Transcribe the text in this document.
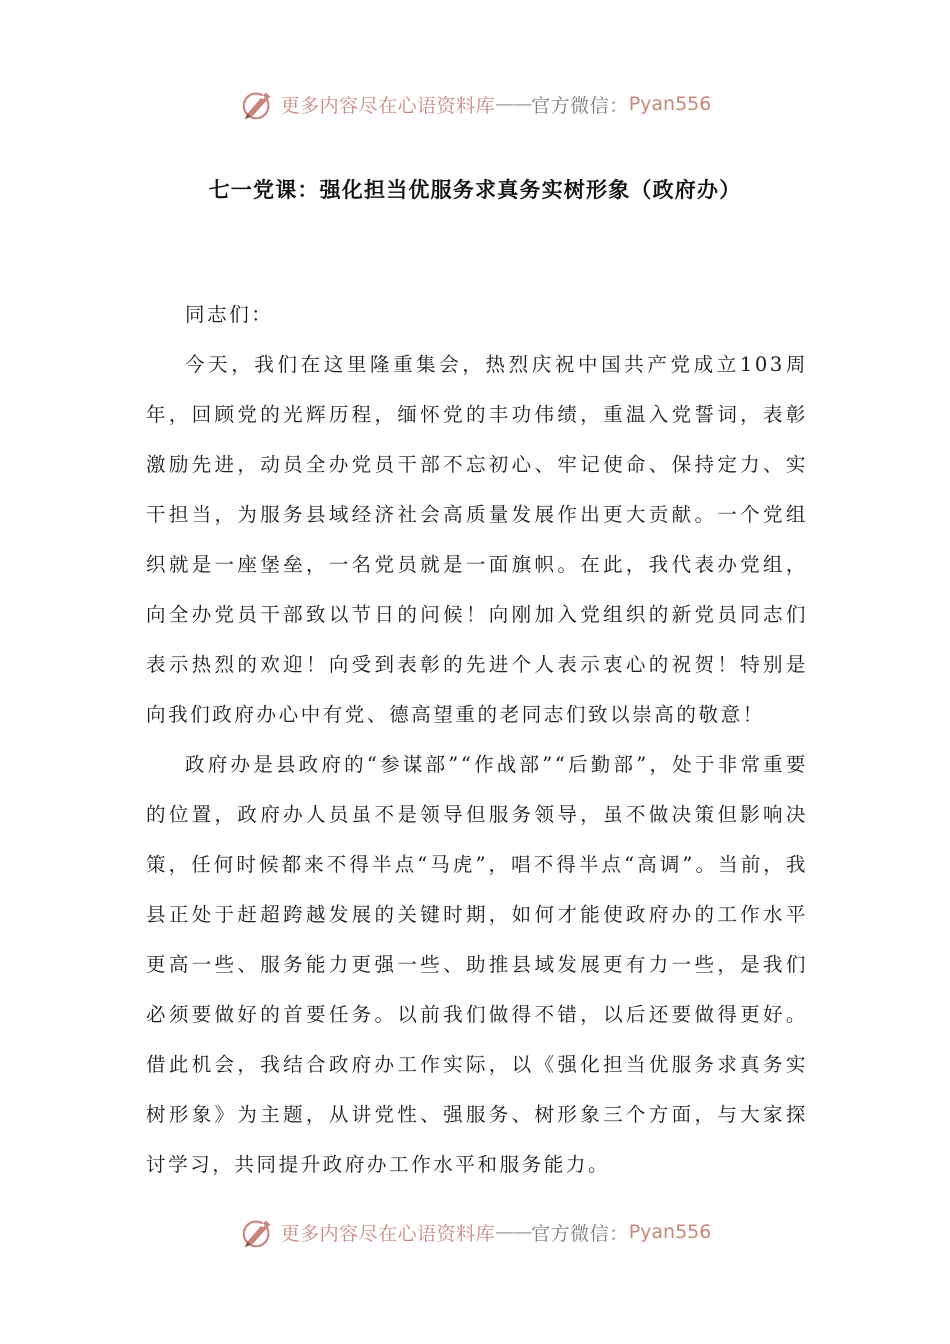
更多内容尽在心语资料库 —— 官方微信： Pyan556
七一党课：强化担当优服务求真务实树形象（政府办）

同志们：

今天，我们在这里隆重集会，热烈庆祝中国共产党成立103周年，回顾党的光辉历程，缅怀党的丰功伟绩，重温入党誓词，表彰激励先进，动员全办党员干部不忘初心、牢记使命、保持定力、实干担当，为服务县域经济社会高质量发展作出更大贡献。一个党组织就是一座堡垒，一名党员就是一面旗帜。在此，我代表办党组，向全办党员干部致以节日的问候！向刚加入党组织的新党员同志们表示热烈的欢迎！向受到表彰的先进个人表示衷心的祝贺！特别是向我们政府办心中有党、德高望重的老同志们致以崇高的敬意！

政府办是县政府的“参谋部”“作战部”“后勤部”，处于非常重要的位置，政府办人员虽不是领导但服务领导，虽不做决策但影响决策，任何时候都来不得半点“马虎”，唱不得半点“高调”。当前，我县正处于赶超跨越发展的关键时期，如何才能使政府办的工作水平更高一些、服务能力更强一些、助推县域发展更有力一些，是我们必须要做好的首要任务。以前我们做得不错，以后还要做得更好。借此机会，我结合政府办工作实际，以《强化担当优服务求真务实树形象》为主题，从讲党性、强服务、树形象三个方面，与大家探讨学习，共同提升政府办工作水平和服务能力。

更多内容尽在心语资料库 —— 官方微信： Pyan556
